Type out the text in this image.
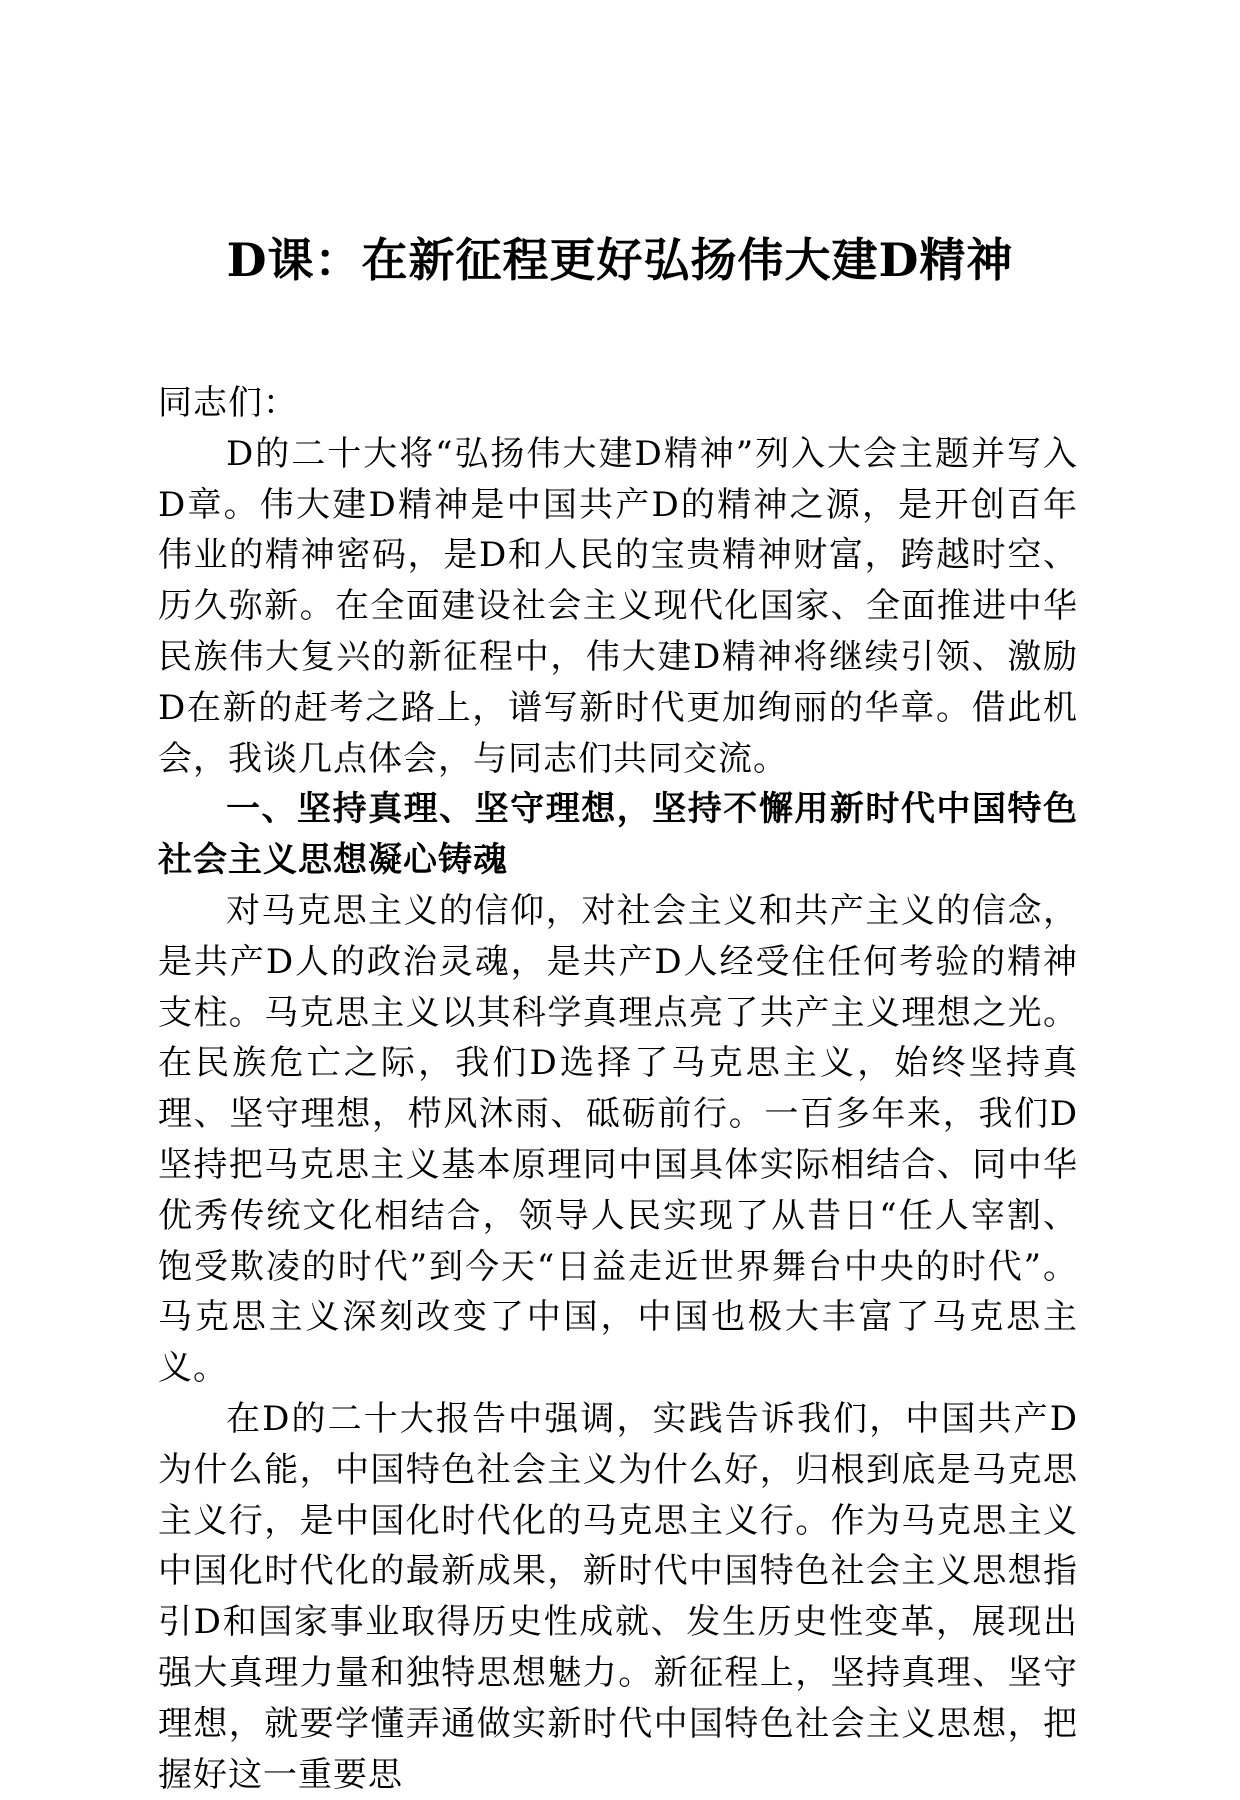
D课：在新征程更好弘扬伟大建D精神

同志们：

D的二十大将“弘扬伟大建D精神”列入大会主题并写入D章。伟大建D精神是中国共产D的精神之源，是开创百年伟业的精神密码，是D和人民的宝贵精神财富，跨越时空、历久弥新。在全面建设社会主义现代化国家、全面推进中华民族伟大复兴的新征程中，伟大建D精神将继续引领、激励D在新的赶考之路上，谱写新时代更加绚丽的华章。借此机会，我谈几点体会，与同志们共同交流。

一、坚持真理、坚守理想，坚持不懈用新时代中国特色社会主义思想凝心铸魂

对马克思主义的信仰，对社会主义和共产主义的信念，是共产D人的政治灵魂，是共产D人经受住任何考验的精神支柱。马克思主义以其科学真理点亮了共产主义理想之光。在民族危亡之际，我们D选择了马克思主义，始终坚持真理、坚守理想，栉风沐雨、砥砺前行。一百多年来，我们D坚持把马克思主义基本原理同中国具体实际相结合、同中华优秀传统文化相结合，领导人民实现了从昔日“任人宰割、饱受欺凌的时代”到今天“日益走近世界舞台中央的时代”。马克思主义深刻改变了中国，中国也极大丰富了马克思主义。

在D的二十大报告中强调，实践告诉我们，中国共产D为什么能，中国特色社会主义为什么好，归根到底是马克思主义行，是中国化时代化的马克思主义行。作为马克思主义中国化时代化的最新成果，新时代中国特色社会主义思想指引D和国家事业取得历史性成就、发生历史性变革，展现出强大真理力量和独特思想魅力。新征程上，坚持真理、坚守理想，就要学懂弄通做实新时代中国特色社会主义思想，把握好这一重要思
